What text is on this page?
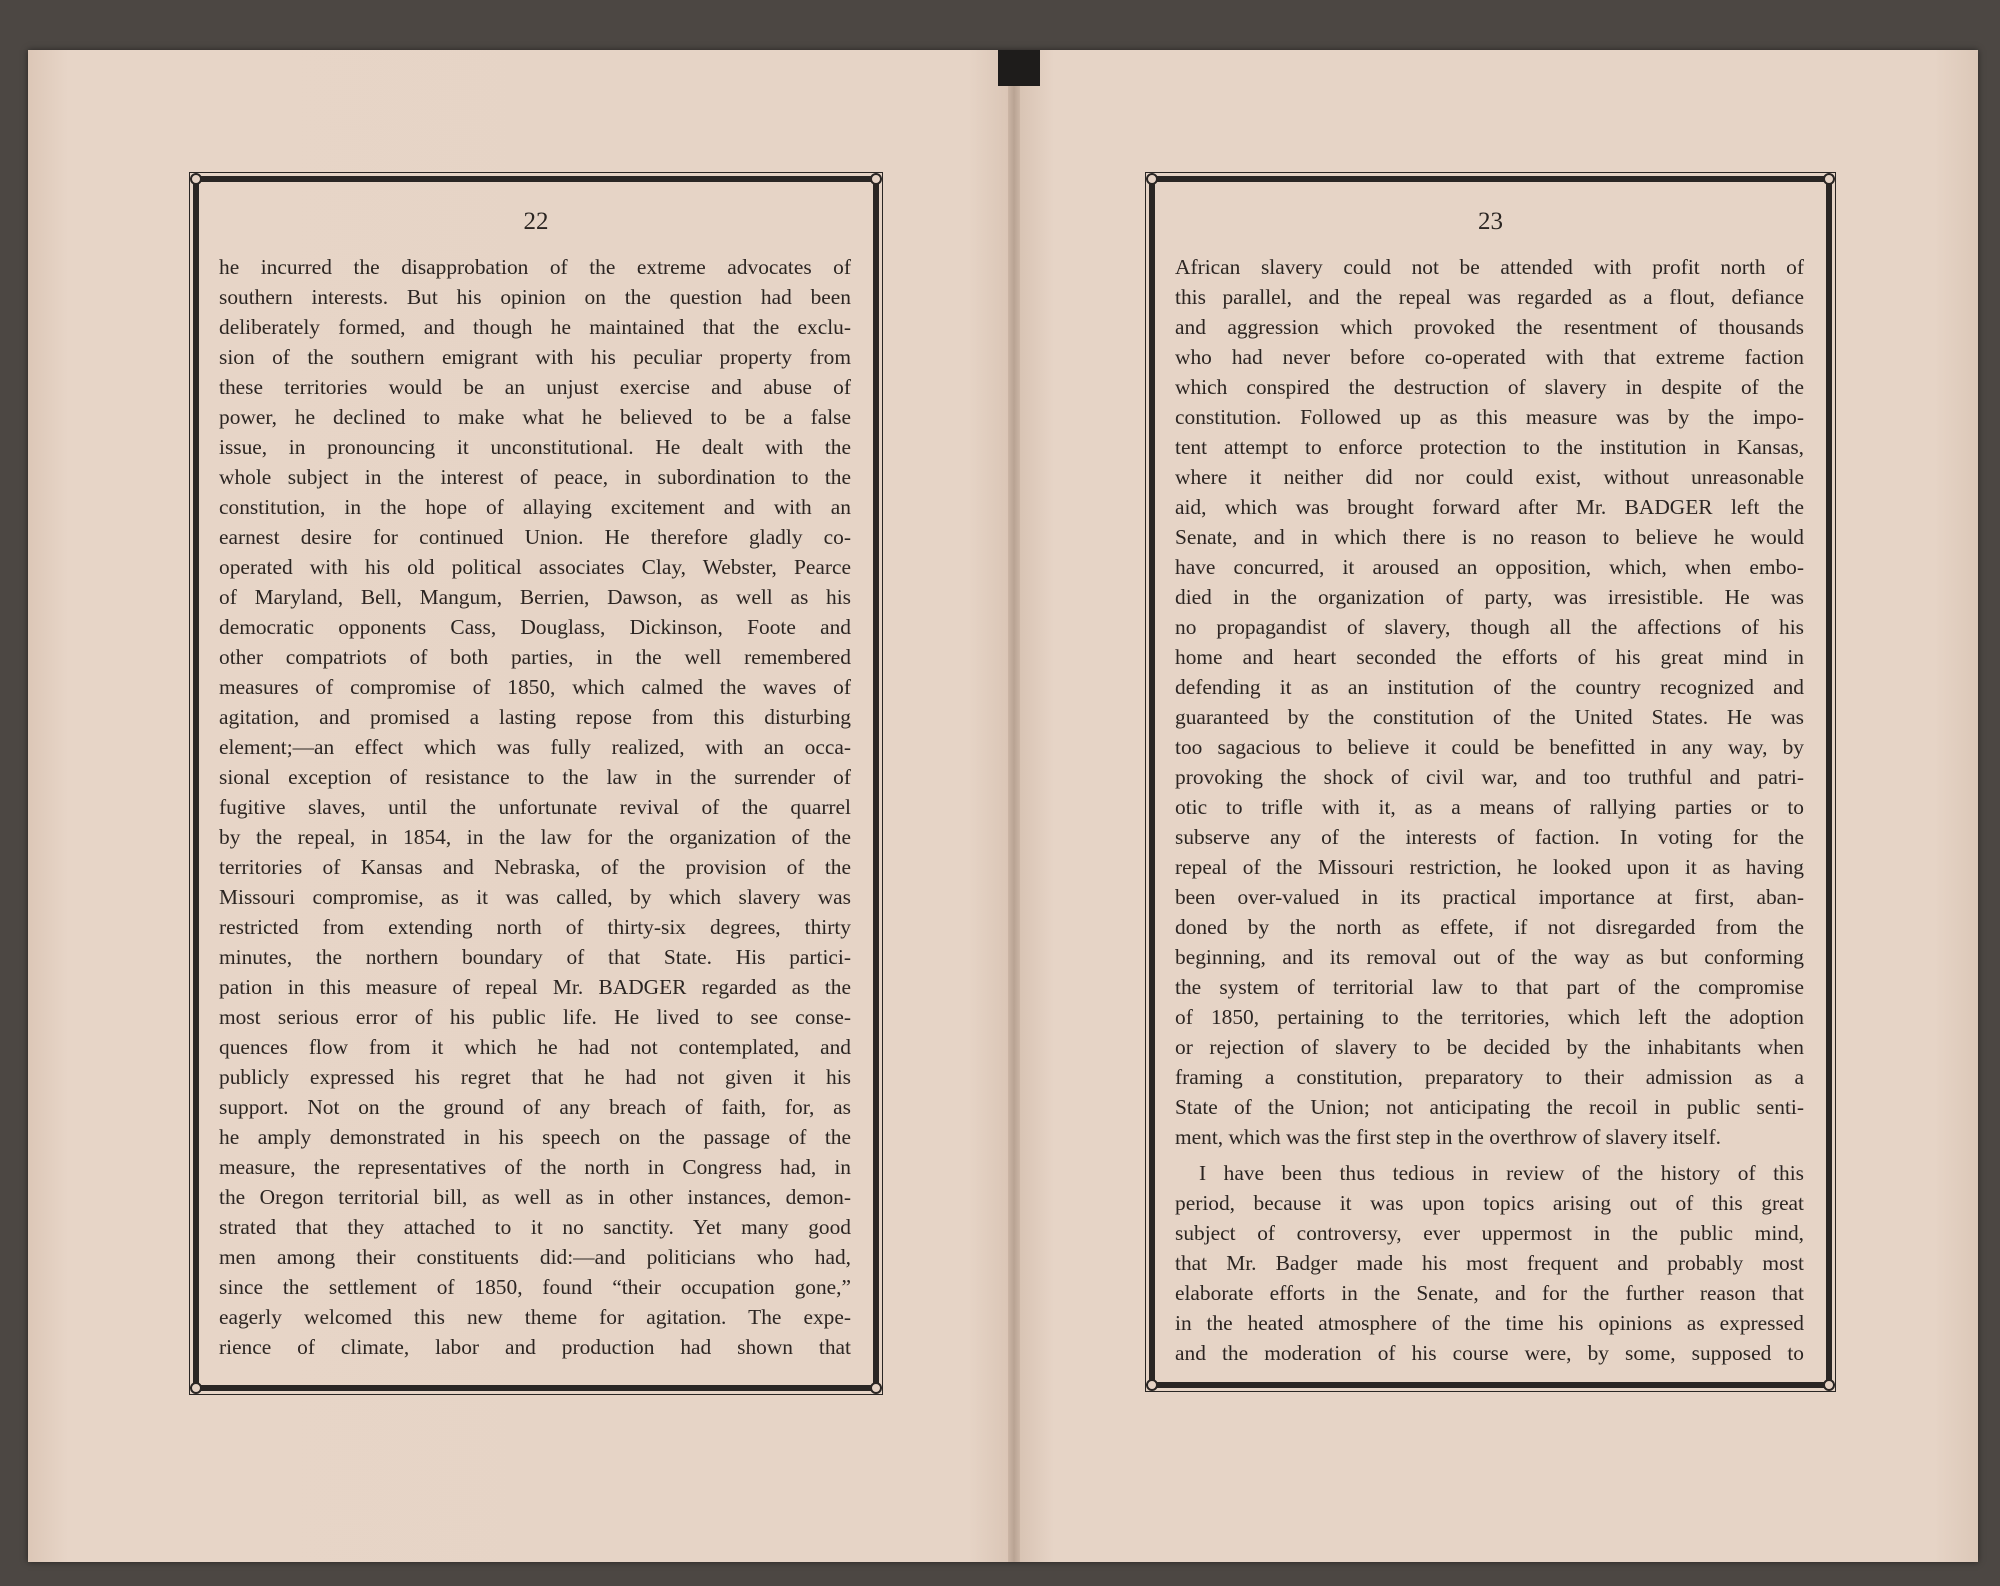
22
he incurred the disapprobation of the extreme advocates of
southern interests. But his opinion on the question had been
deliberately formed, and though he maintained that the exclu-
sion of the southern emigrant with his peculiar property from
these territories would be an unjust exercise and abuse of
power, he declined to make what he believed to be a false
issue, in pronouncing it unconstitutional. He dealt with the
whole subject in the interest of peace, in subordination to the
constitution, in the hope of allaying excitement and with an
earnest desire for continued Union. He therefore gladly co-
operated with his old political associates Clay, Webster, Pearce
of Maryland, Bell, Mangum, Berrien, Dawson, as well as his
democratic opponents Cass, Douglass, Dickinson, Foote and
other compatriots of both parties, in the well remembered
measures of compromise of 1850, which calmed the waves of
agitation, and promised a lasting repose from this disturbing
element;—an effect which was fully realized, with an occa-
sional exception of resistance to the law in the surrender of
fugitive slaves, until the unfortunate revival of the quarrel
by the repeal, in 1854, in the law for the organization of the
territories of Kansas and Nebraska, of the provision of the
Missouri compromise, as it was called, by which slavery was
restricted from extending north of thirty-six degrees, thirty
minutes, the northern boundary of that State. His partici-
pation in this measure of repeal Mr. BADGER regarded as the
most serious error of his public life. He lived to see conse-
quences flow from it which he had not contemplated, and
publicly expressed his regret that he had not given it his
support. Not on the ground of any breach of faith, for, as
he amply demonstrated in his speech on the passage of the
measure, the representatives of the north in Congress had, in
the Oregon territorial bill, as well as in other instances, demon-
strated that they attached to it no sanctity. Yet many good
men among their constituents did:—and politicians who had,
since the settlement of 1850, found “their occupation gone,”
eagerly welcomed this new theme for agitation. The expe-
rience of climate, labor and production had shown that
23
African slavery could not be attended with profit north of
this parallel, and the repeal was regarded as a flout, defiance
and aggression which provoked the resentment of thousands
who had never before co-operated with that extreme faction
which conspired the destruction of slavery in despite of the
constitution. Followed up as this measure was by the impo-
tent attempt to enforce protection to the institution in Kansas,
where it neither did nor could exist, without unreasonable
aid, which was brought forward after Mr. BADGER left the
Senate, and in which there is no reason to believe he would
have concurred, it aroused an opposition, which, when embo-
died in the organization of party, was irresistible. He was
no propagandist of slavery, though all the affections of his
home and heart seconded the efforts of his great mind in
defending it as an institution of the country recognized and
guaranteed by the constitution of the United States. He was
too sagacious to believe it could be benefitted in any way, by
provoking the shock of civil war, and too truthful and patri-
otic to trifle with it, as a means of rallying parties or to
subserve any of the interests of faction. In voting for the
repeal of the Missouri restriction, he looked upon it as having
been over-valued in its practical importance at first, aban-
doned by the north as effete, if not disregarded from the
beginning, and its removal out of the way as but conforming
the system of territorial law to that part of the compromise
of 1850, pertaining to the territories, which left the adoption
or rejection of slavery to be decided by the inhabitants when
framing a constitution, preparatory to their admission as a
State of the Union; not anticipating the recoil in public senti-
ment, which was the first step in the overthrow of slavery itself.
I have been thus tedious in review of the history of this
period, because it was upon topics arising out of this great
subject of controversy, ever uppermost in the public mind,
that Mr. Badger made his most frequent and probably most
elaborate efforts in the Senate, and for the further reason that
in the heated atmosphere of the time his opinions as expressed
and the moderation of his course were, by some, supposed to
